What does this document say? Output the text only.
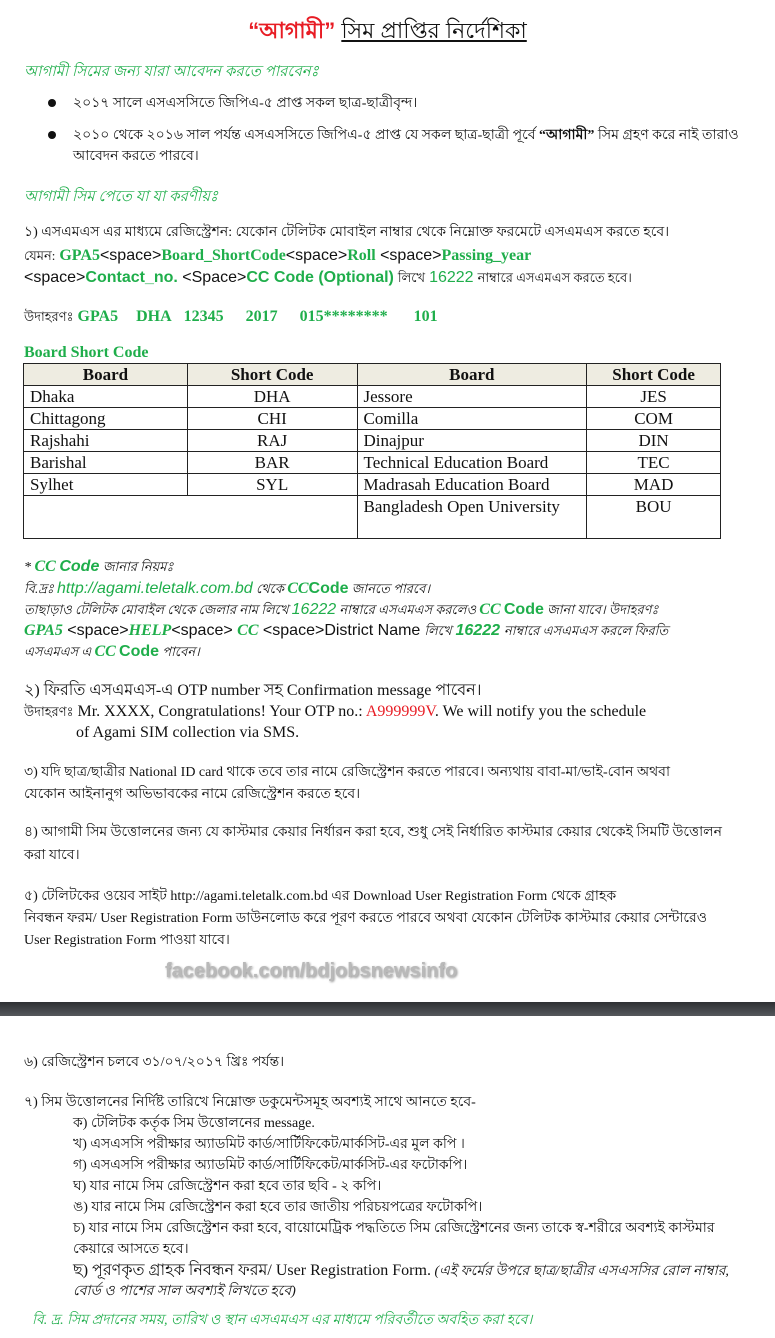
“আগামী” সিম প্রাপ্তির নির্দেশিকা
আগামী সিমের জন্য যারা আবেদন করতে পারবেনঃ
২০১৭ সালে এসএসসিতে জিপিএ-৫ প্রাপ্ত সকল ছাত্র-ছাত্রীবৃন্দ।
২০১০ থেকে ২০১৬ সাল পর্যন্ত এসএসসিতে জিপিএ-৫ প্রাপ্ত যে সকল ছাত্র-ছাত্রী পূর্বে “আগামী” সিম গ্রহণ করে নাই তারাও
আবেদন করতে পারবে।
আগামী সিম পেতে যা যা করণীয়ঃ
১) এসএমএস এর মাধ্যমে রেজিস্ট্রেশন: যেকোন টেলিটক মোবাইল নাম্বার থেকে নিম্নোক্ত ফরমেটে এসএমএস করতে হবে।
যেমন: GPA5<space>Board_ShortCode<space>Roll <space>Passing_year
<space>Contact_no. <Space>CC Code (Optional) লিখে 16222 নাম্বারে এসএমএস করতে হবে।
উদাহরণঃ GPA5 DHA 12345 2017 015******** 101
Board Short Code
Board	Short Code	Board	Short Code
Dhaka	DHA	Jessore	JES
Chittagong	CHI	Comilla	COM
Rajshahi	RAJ	Dinajpur	DIN
Barishal	BAR	Technical Education Board	TEC
Sylhet	SYL	Madrasah Education Board	MAD
		Bangladesh Open University	BOU
* CC Code জানার নিয়মঃ
বি.দ্রঃ http://agami.teletalk.com.bd থেকে CCCode জানতে পারবে।
তাছাড়াও টেলিটক মোবাইল থেকে জেলার নাম লিখে 16222 নাম্বারে এসএমএস করলেও CC Code জানা যাবে। উদাহরণঃ
GPA5 <space>HELP<space> CC <space>District Name লিখে 16222 নাম্বারে এসএমএস করলে ফিরতি
এসএমএস এ CC Code পাবেন।
২) ফিরতি এসএমএস-এ OTP number সহ Confirmation message পাবেন।
উদাহরণঃ Mr. XXXX, Congratulations! Your OTP no.: A999999V. We will notify you the schedule
of Agami SIM collection via SMS.
৩) যদি ছাত্র/ছাত্রীর National ID card থাকে তবে তার নামে রেজিস্ট্রেশন করতে পারবে। অন্যথায় বাবা-মা/ভাই-বোন অথবা
যেকোন আইনানুগ অভিভাবকের নামে রেজিস্ট্রেশন করতে হবে।
৪) আগামী সিম উত্তোলনের জন্য যে কাস্টমার কেয়ার নির্ধারন করা হবে, শুধু সেই নির্ধারিত কাস্টমার কেয়ার থেকেই সিমটি উত্তোলন
করা যাবে।
৫) টেলিটকের ওয়েব সাইট http://agami.teletalk.com.bd এর Download User Registration Form থেকে গ্রাহক
নিবন্ধন ফরম/ User Registration Form ডাউনলোড করে পূরণ করতে পারবে অথবা যেকোন টেলিটক কাস্টমার কেয়ার সেন্টারেও
User Registration Form পাওয়া যাবে।
facebook.com/bdjobsnewsinfo
৬) রেজিস্ট্রেশন চলবে ৩১/০৭/২০১৭ খ্রিঃ পর্যন্ত।
৭) সিম উত্তোলনের নির্দিষ্ট তারিখে নিম্নোক্ত ডকুমেন্টসমূহ অবশ্যই সাথে আনতে হবে-
ক) টেলিটক কর্তৃক সিম উত্তোলনের message.
খ) এসএসসি পরীক্ষার অ্যাডমিট কার্ড/সার্টিফিকেট/মার্কসিট-এর মুল কপি ।
গ) এসএসসি পরীক্ষার অ্যাডমিট কার্ড/সার্টিফিকেট/মার্কসিট-এর ফটোকপি।
ঘ) যার নামে সিম রেজিস্ট্রেশন করা হবে তার ছবি - ২ কপি।
ঙ) যার নামে সিম রেজিস্ট্রেশন করা হবে তার জাতীয় পরিচয়পত্রের ফটোকপি।
চ) যার নামে সিম রেজিস্ট্রেশন করা হবে, বায়োমেট্রিক পদ্ধতিতে সিম রেজিস্ট্রেশনের জন্য তাকে স্ব-শরীরে অবশ্যই কাস্টমার
কেয়ারে আসতে হবে।
ছ) পূরণকৃত গ্রাহক নিবন্ধন ফরম/ User Registration Form. (এই ফর্মের উপরে ছাত্র/ছাত্রীর এসএসসির রোল নাম্বার,
বোর্ড ও পাশের সাল অবশ্যই লিখতে হবে)
বি. দ্র. সিম প্রদানের সময়, তারিখ ও স্থান এসএমএস এর মাধ্যমে পরিবর্তীতে অবহিত করা হবে।
